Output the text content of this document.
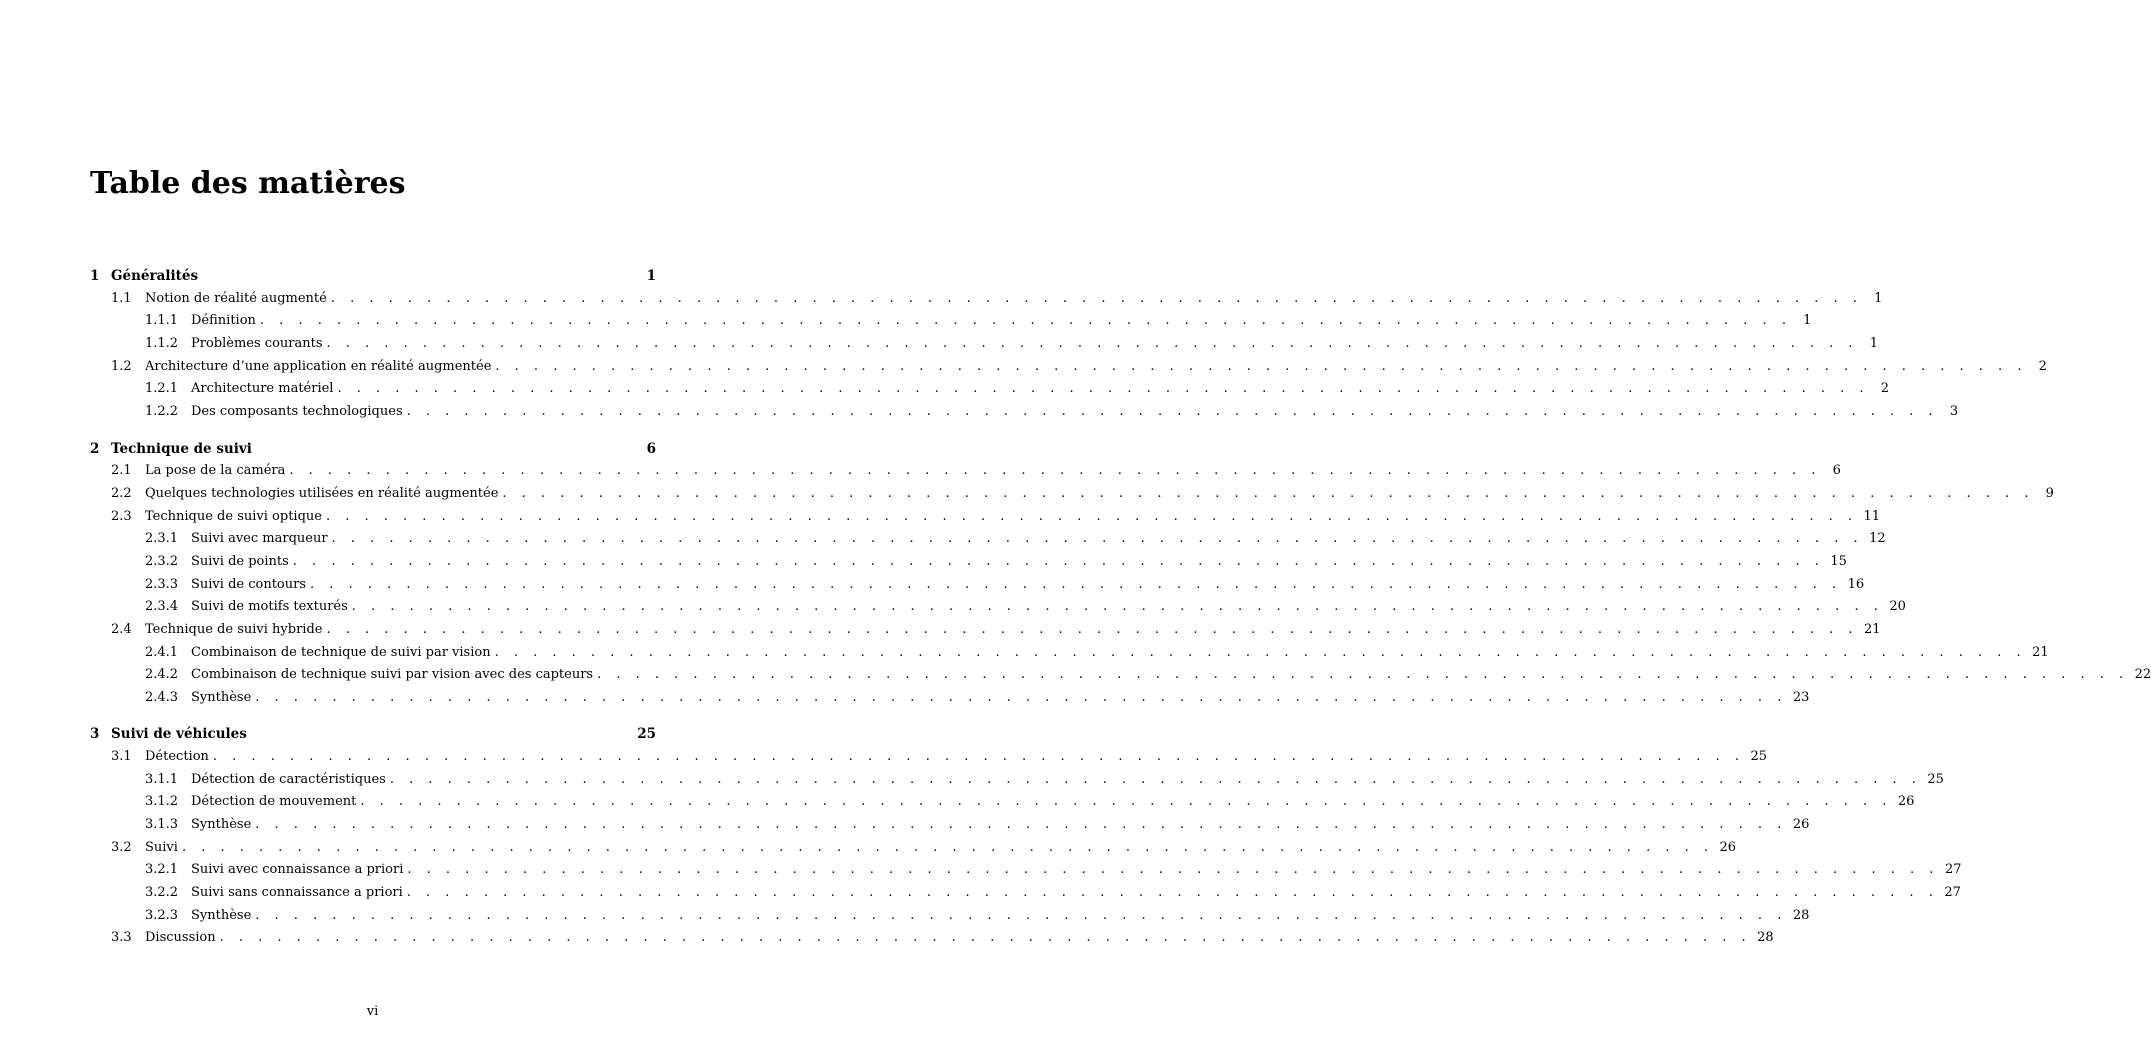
Table des matières
1 Généralités	1
1.1	Notion de réalité augmenté . . . . . . . . . . . . . . . . . . . . . . . . . . . . . . . . . . . . . . . . . . . . . . . . . . . . . . . . . . . . . . . . . . . . . . . . . . . . . . . . 1
1.1.1 Définition . . . . . . . . . . . . . . . . . . . . . . . . . . . . . . . . . . . . . . . . . . . . . . . . . . . . . . . . . . . . . . . . . . . . . . . . . . . . . . . . 1
1.1.2 Problèmes courants . . . . . . . . . . . . . . . . . . . . . . . . . . . . . . . . . . . . . . . . . . . . . . . . . . . . . . . . . . . . . . . . . . . . . . . . . . . . . . . . 1
1.2	Architecture d’une application en réalité augmentée . . . . . . . . . . . . . . . . . . . . . . . . . . . . . . . . . . . . . . . . . . . . . . . . . . . . . . . . . . . . . . . . . . . . . . . . . . . . . . . . 2
1.2.1 Architecture matériel . . . . . . . . . . . . . . . . . . . . . . . . . . . . . . . . . . . . . . . . . . . . . . . . . . . . . . . . . . . . . . . . . . . . . . . . . . . . . . . . 2
1.2.2 Des composants technologiques . . . . . . . . . . . . . . . . . . . . . . . . . . . . . . . . . . . . . . . . . . . . . . . . . . . . . . . . . . . . . . . . . . . . . . . . . . . . . . . . 3
2 Technique de suivi	6
2.1	La pose de la caméra . . . . . . . . . . . . . . . . . . . . . . . . . . . . . . . . . . . . . . . . . . . . . . . . . . . . . . . . . . . . . . . . . . . . . . . . . . . . . . . . 6
2.2	Quelques technologies utilisées en réalité augmentée . . . . . . . . . . . . . . . . . . . . . . . . . . . . . . . . . . . . . . . . . . . . . . . . . . . . . . . . . . . . . . . . . . . . . . . . . . . . . . . . 9
2.3	Technique de suivi optique . . . . . . . . . . . . . . . . . . . . . . . . . . . . . . . . . . . . . . . . . . . . . . . . . . . . . . . . . . . . . . . . . . . . . . . . . . . . . . . . 11
2.3.1 Suivi avec marqueur . . . . . . . . . . . . . . . . . . . . . . . . . . . . . . . . . . . . . . . . . . . . . . . . . . . . . . . . . . . . . . . . . . . . . . . . . . . . . . . . 12
2.3.2 Suivi de points . . . . . . . . . . . . . . . . . . . . . . . . . . . . . . . . . . . . . . . . . . . . . . . . . . . . . . . . . . . . . . . . . . . . . . . . . . . . . . . . 15
2.3.3 Suivi de contours . . . . . . . . . . . . . . . . . . . . . . . . . . . . . . . . . . . . . . . . . . . . . . . . . . . . . . . . . . . . . . . . . . . . . . . . . . . . . . . . 16
2.3.4 Suivi de motifs texturés . . . . . . . . . . . . . . . . . . . . . . . . . . . . . . . . . . . . . . . . . . . . . . . . . . . . . . . . . . . . . . . . . . . . . . . . . . . . . . . . 20
2.4	Technique de suivi hybride . . . . . . . . . . . . . . . . . . . . . . . . . . . . . . . . . . . . . . . . . . . . . . . . . . . . . . . . . . . . . . . . . . . . . . . . . . . . . . . . 21
2.4.1 Combinaison de technique de suivi par vision . . . . . . . . . . . . . . . . . . . . . . . . . . . . . . . . . . . . . . . . . . . . . . . . . . . . . . . . . . . . . . . . . . . . . . . . . . . . . . . . 21
2.4.2 Combinaison de technique suivi par vision avec des capteurs . . . . . . . . . . . . . . . . . . . . . . . . . . . . . . . . . . . . . . . . . . . . . . . . . . . . . . . . . . . . . . . . . . . . . . . . . . . . . . . . 22
2.4.3 Synthèse . . . . . . . . . . . . . . . . . . . . . . . . . . . . . . . . . . . . . . . . . . . . . . . . . . . . . . . . . . . . . . . . . . . . . . . . . . . . . . . . 23
3 Suivi de véhicules	25
3.1	Détection . . . . . . . . . . . . . . . . . . . . . . . . . . . . . . . . . . . . . . . . . . . . . . . . . . . . . . . . . . . . . . . . . . . . . . . . . . . . . . . . 25
3.1.1 Détection de caractéristiques . . . . . . . . . . . . . . . . . . . . . . . . . . . . . . . . . . . . . . . . . . . . . . . . . . . . . . . . . . . . . . . . . . . . . . . . . . . . . . . . 25
3.1.2 Détection de mouvement . . . . . . . . . . . . . . . . . . . . . . . . . . . . . . . . . . . . . . . . . . . . . . . . . . . . . . . . . . . . . . . . . . . . . . . . . . . . . . . . 26
3.1.3 Synthèse . . . . . . . . . . . . . . . . . . . . . . . . . . . . . . . . . . . . . . . . . . . . . . . . . . . . . . . . . . . . . . . . . . . . . . . . . . . . . . . . 26
3.2	Suivi . . . . . . . . . . . . . . . . . . . . . . . . . . . . . . . . . . . . . . . . . . . . . . . . . . . . . . . . . . . . . . . . . . . . . . . . . . . . . . . . 26
3.2.1 Suivi avec connaissance a priori . . . . . . . . . . . . . . . . . . . . . . . . . . . . . . . . . . . . . . . . . . . . . . . . . . . . . . . . . . . . . . . . . . . . . . . . . . . . . . . . 27
3.2.2 Suivi sans connaissance a priori . . . . . . . . . . . . . . . . . . . . . . . . . . . . . . . . . . . . . . . . . . . . . . . . . . . . . . . . . . . . . . . . . . . . . . . . . . . . . . . . 27
3.2.3 Synthèse . . . . . . . . . . . . . . . . . . . . . . . . . . . . . . . . . . . . . . . . . . . . . . . . . . . . . . . . . . . . . . . . . . . . . . . . . . . . . . . . 28
3.3	Discussion . . . . . . . . . . . . . . . . . . . . . . . . . . . . . . . . . . . . . . . . . . . . . . . . . . . . . . . . . . . . . . . . . . . . . . . . . . . . . . . . 28
vi
